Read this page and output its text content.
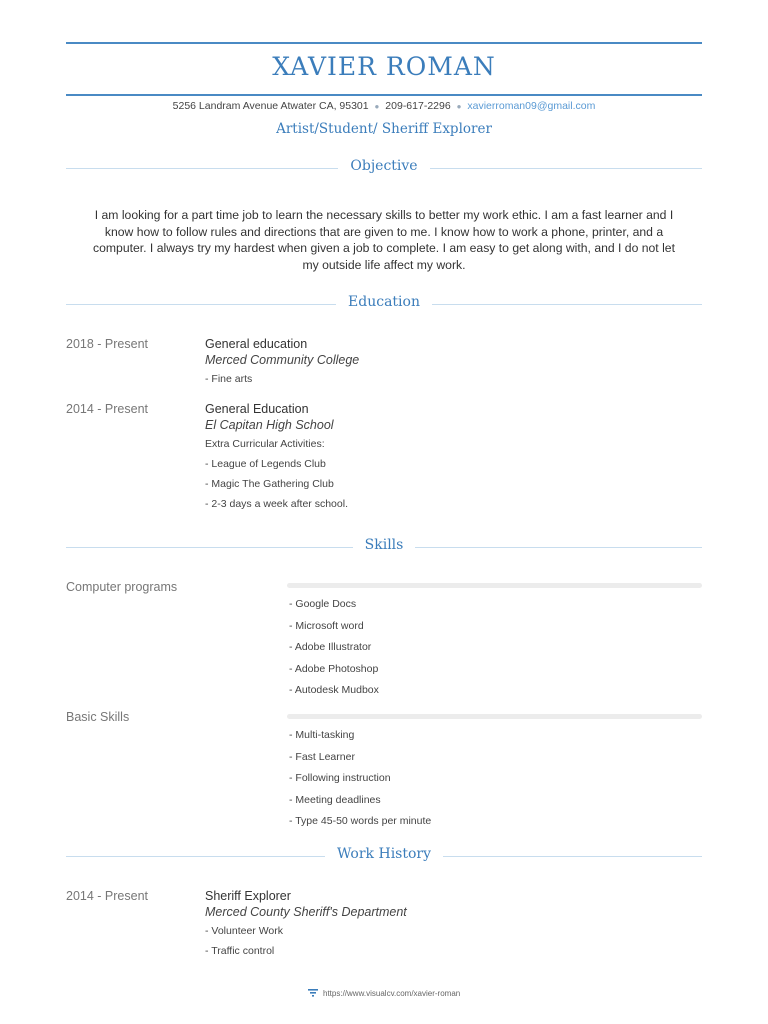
XAVIER ROMAN
5256 Landram Avenue Atwater CA, 95301 ● 209-617-2296 ● xavierroman09@gmail.com
Artist/Student/ Sheriff Explorer
Objective
I am looking for a part time job to learn the necessary skills to better my work ethic. I am a fast learner and I know how to follow rules and directions that are given to me. I know how to work a phone, printer, and a computer. I always try my hardest when given a job to complete. I am easy to get along with, and I do not let my outside life affect my work.
Education
2018 - Present	General education
Merced Community College
- Fine arts
2014 - Present	General Education
El Capitan High School
Extra Curricular Activities:
- League of Legends Club
- Magic The Gathering Club
- 2-3 days a week after school.
Skills
Computer programs
- Google Docs
- Microsoft word
- Adobe Illustrator
- Adobe Photoshop
- Autodesk Mudbox
Basic Skills
- Multi-tasking
- Fast Learner
- Following instruction
- Meeting deadlines
- Type 45-50 words per minute
Work History
2014 - Present	Sheriff Explorer
Merced County Sheriff's Department
- Volunteer Work
- Traffic control
https://www.visualcv.com/xavier-roman
